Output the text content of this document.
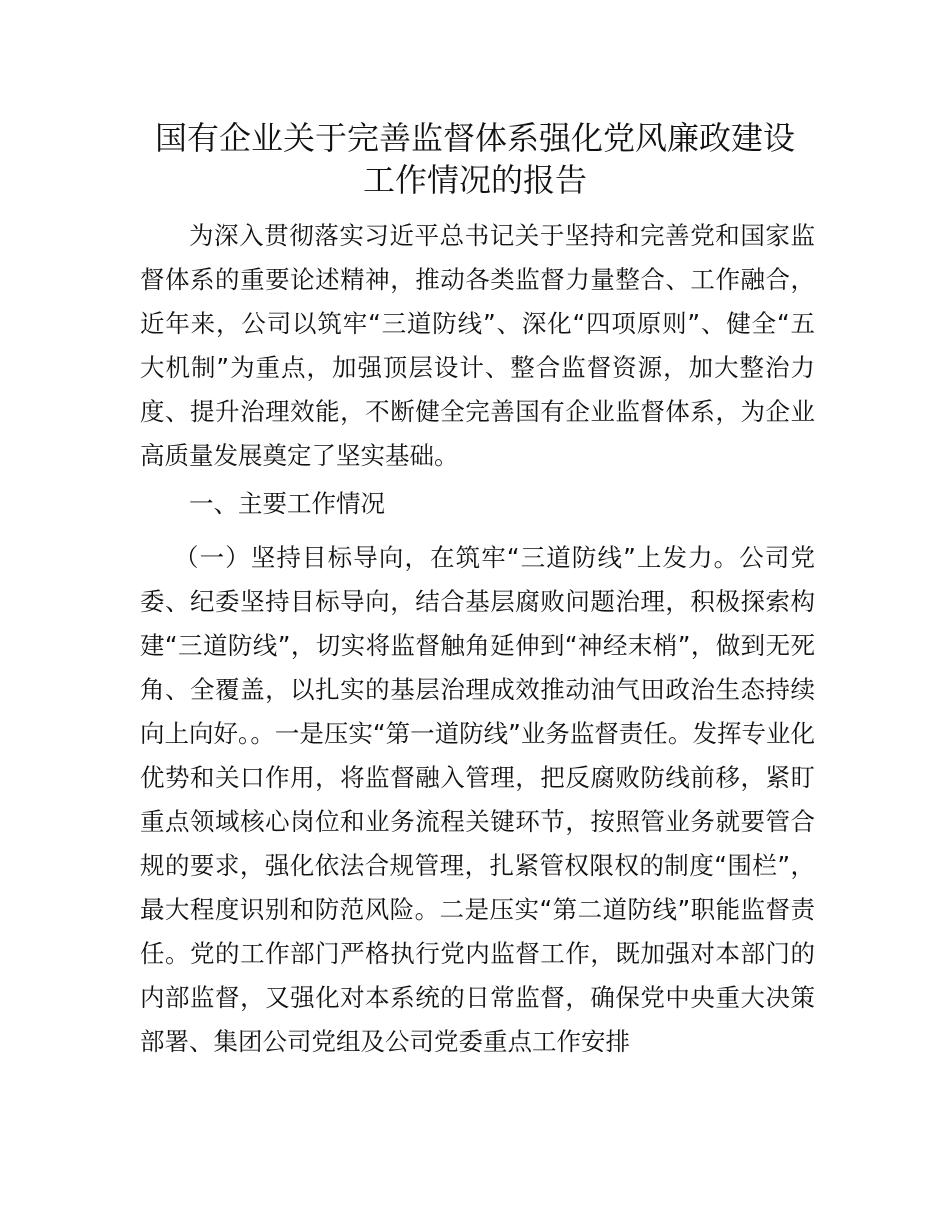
国有企业关于完善监督体系强化党风廉政建设
工作情况的报告

为深入贯彻落实习近平总书记关于坚持和完善党和国家监督体系的重要论述精神，推动各类监督力量整合、工作融合，近年来，公司以筑牢“三道防线”、深化“四项原则”、健全“五大机制”为重点，加强顶层设计、整合监督资源，加大整治力度、提升治理效能，不断健全完善国有企业监督体系，为企业高质量发展奠定了坚实基础。

一、主要工作情况

（一）坚持目标导向，在筑牢“三道防线”上发力。公司党委、纪委坚持目标导向，结合基层腐败问题治理，积极探索构建“三道防线”，切实将监督触角延伸到“神经末梢”，做到无死角、全覆盖，以扎实的基层治理成效推动油气田政治生态持续向上向好。。一是压实“第一道防线”业务监督责任。发挥专业化优势和关口作用，将监督融入管理，把反腐败防线前移，紧盯重点领域核心岗位和业务流程关键环节，按照管业务就要管合规的要求，强化依法合规管理，扎紧管权限权的制度“围栏”，最大程度识别和防范风险。二是压实“第二道防线”职能监督责任。党的工作部门严格执行党内监督工作，既加强对本部门的内部监督，又强化对本系统的日常监督，确保党中央重大决策部署、集团公司党组及公司党委重点工作安排
